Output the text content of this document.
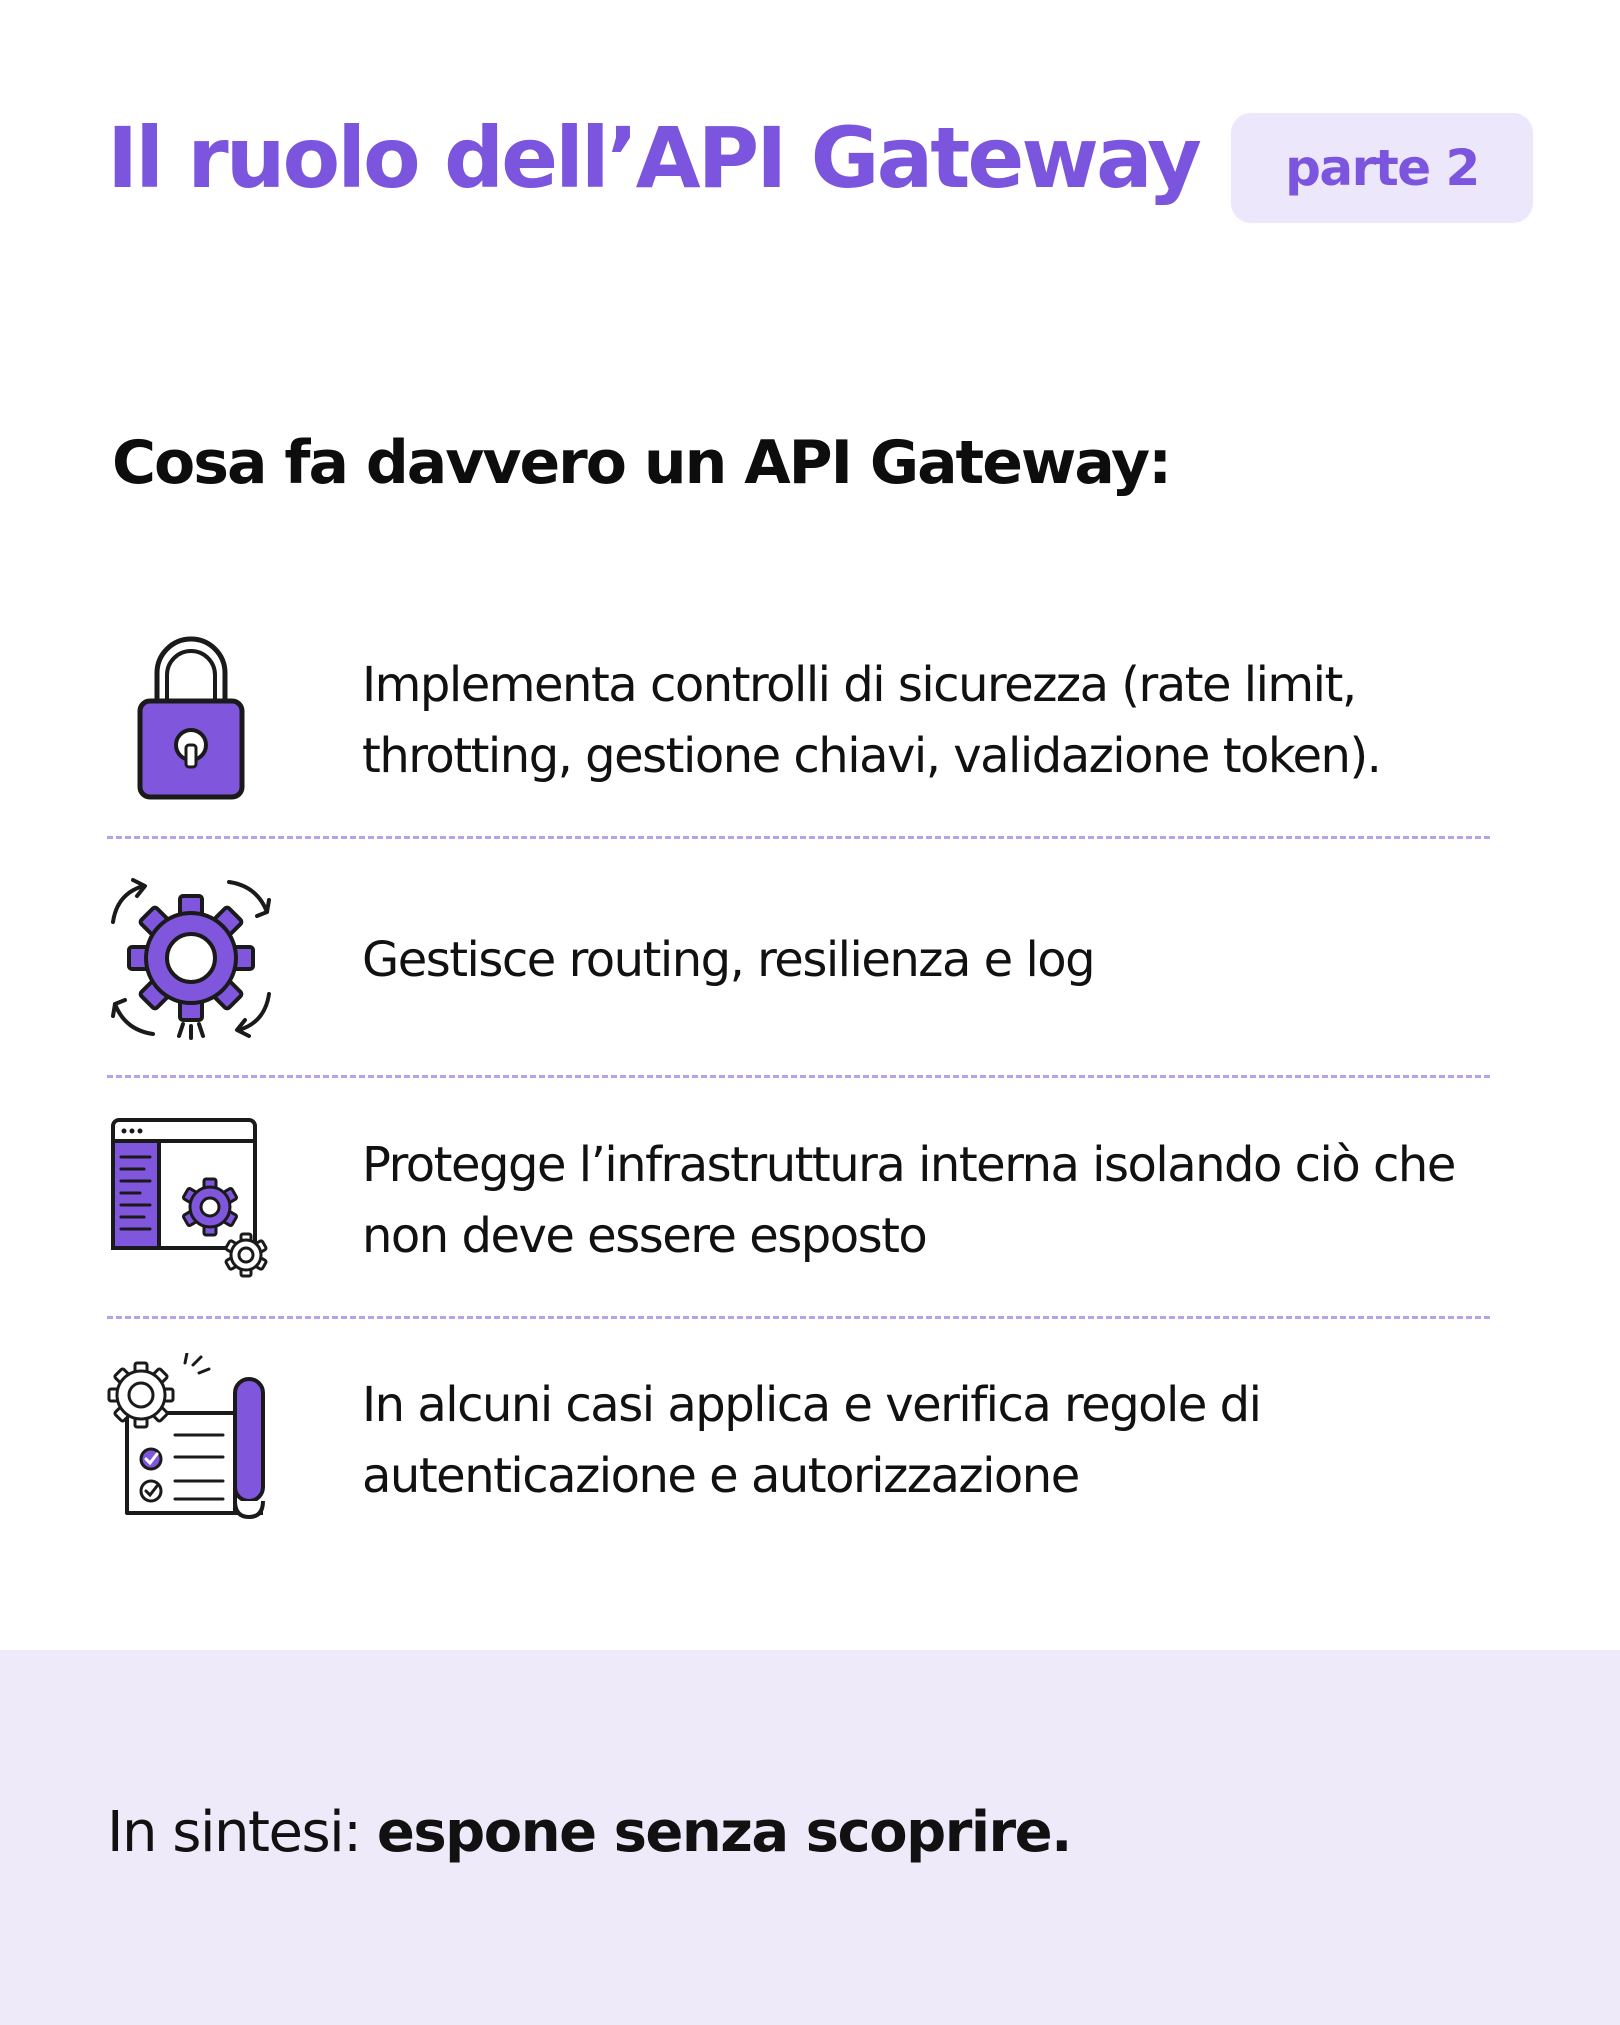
Il ruolo dell’API Gateway	parte 2
Cosa fa davvero un API Gateway:
Implementa controlli di sicurezza (rate limit, throtting, gestione chiavi, validazione token).
Gestisce routing, resilienza e log
Protegge l’infrastruttura interna isolando ciò che non deve essere esposto
In alcuni casi applica e verifica regole di autenticazione e autorizzazione
In sintesi: espone senza scoprire.
